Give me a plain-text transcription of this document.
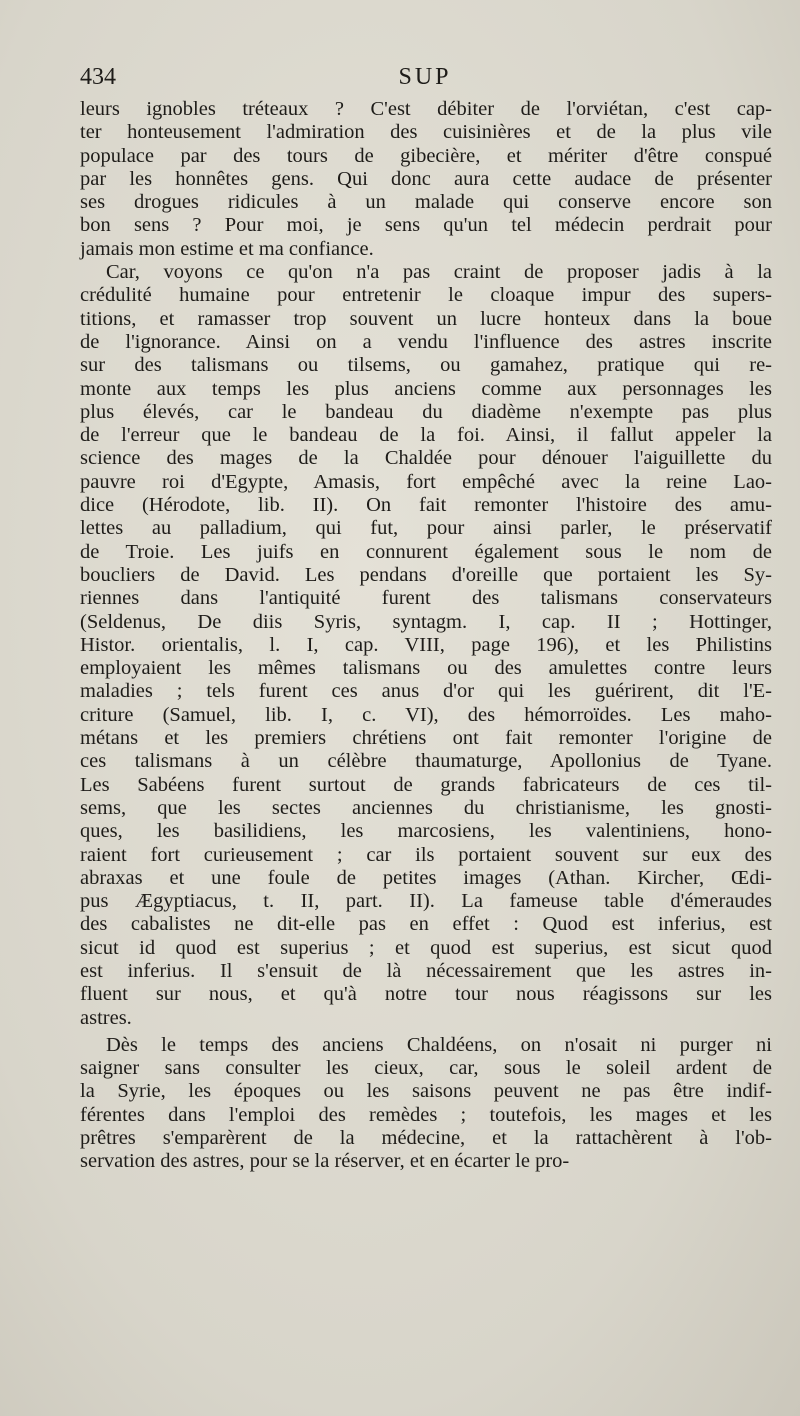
434	SUP
leurs ignobles tréteaux ? C'est débiter de l'orviétan, c'est cap-
ter honteusement l'admiration des cuisinières et de la plus vile
populace par des tours de gibecière, et mériter d'être conspué
par les honnêtes gens. Qui donc aura cette audace de présenter
ses drogues ridicules à un malade qui conserve encore son
bon sens ? Pour moi, je sens qu'un tel médecin perdrait pour
jamais mon estime et ma confiance.
Car, voyons ce qu'on n'a pas craint de proposer jadis à la
crédulité humaine pour entretenir le cloaque impur des supers-
titions, et ramasser trop souvent un lucre honteux dans la boue
de l'ignorance. Ainsi on a vendu l'influence des astres inscrite
sur des talismans ou tilsems, ou gamahez, pratique qui re-
monte aux temps les plus anciens comme aux personnages les
plus élevés, car le bandeau du diadème n'exempte pas plus
de l'erreur que le bandeau de la foi. Ainsi, il fallut appeler la
science des mages de la Chaldée pour dénouer l'aiguillette du
pauvre roi d'Egypte, Amasis, fort empêché avec la reine Lao-
dice (Hérodote, lib. II). On fait remonter l'histoire des amu-
lettes au palladium, qui fut, pour ainsi parler, le préservatif
de Troie. Les juifs en connurent également sous le nom de
boucliers de David. Les pendans d'oreille que portaient les Sy-
riennes dans l'antiquité furent des talismans conservateurs
(Seldenus, De diis Syris, syntagm. I, cap. II ; Hottinger,
Histor. orientalis, l. I, cap. VIII, page 196), et les Philistins
employaient les mêmes talismans ou des amulettes contre leurs
maladies ; tels furent ces anus d'or qui les guérirent, dit l'E-
criture (Samuel, lib. I, c. VI), des hémorroïdes. Les maho-
métans et les premiers chrétiens ont fait remonter l'origine de
ces talismans à un célèbre thaumaturge, Apollonius de Tyane.
Les Sabéens furent surtout de grands fabricateurs de ces til-
sems, que les sectes anciennes du christianisme, les gnosti-
ques, les basilidiens, les marcosiens, les valentiniens, hono-
raient fort curieusement ; car ils portaient souvent sur eux des
abraxas et une foule de petites images (Athan. Kircher, Œdi-
pus Ægyptiacus, t. II, part. II). La fameuse table d'émeraudes
des cabalistes ne dit-elle pas en effet : Quod est inferius, est
sicut id quod est superius ; et quod est superius, est sicut quod
est inferius. Il s'ensuit de là nécessairement que les astres in-
fluent sur nous, et qu'à notre tour nous réagissons sur les
astres.
Dès le temps des anciens Chaldéens, on n'osait ni purger ni
saigner sans consulter les cieux, car, sous le soleil ardent de
la Syrie, les époques ou les saisons peuvent ne pas être indif-
férentes dans l'emploi des remèdes ; toutefois, les mages et les
prêtres s'emparèrent de la médecine, et la rattachèrent à l'ob-
servation des astres, pour se la réserver, et en écarter le pro-
